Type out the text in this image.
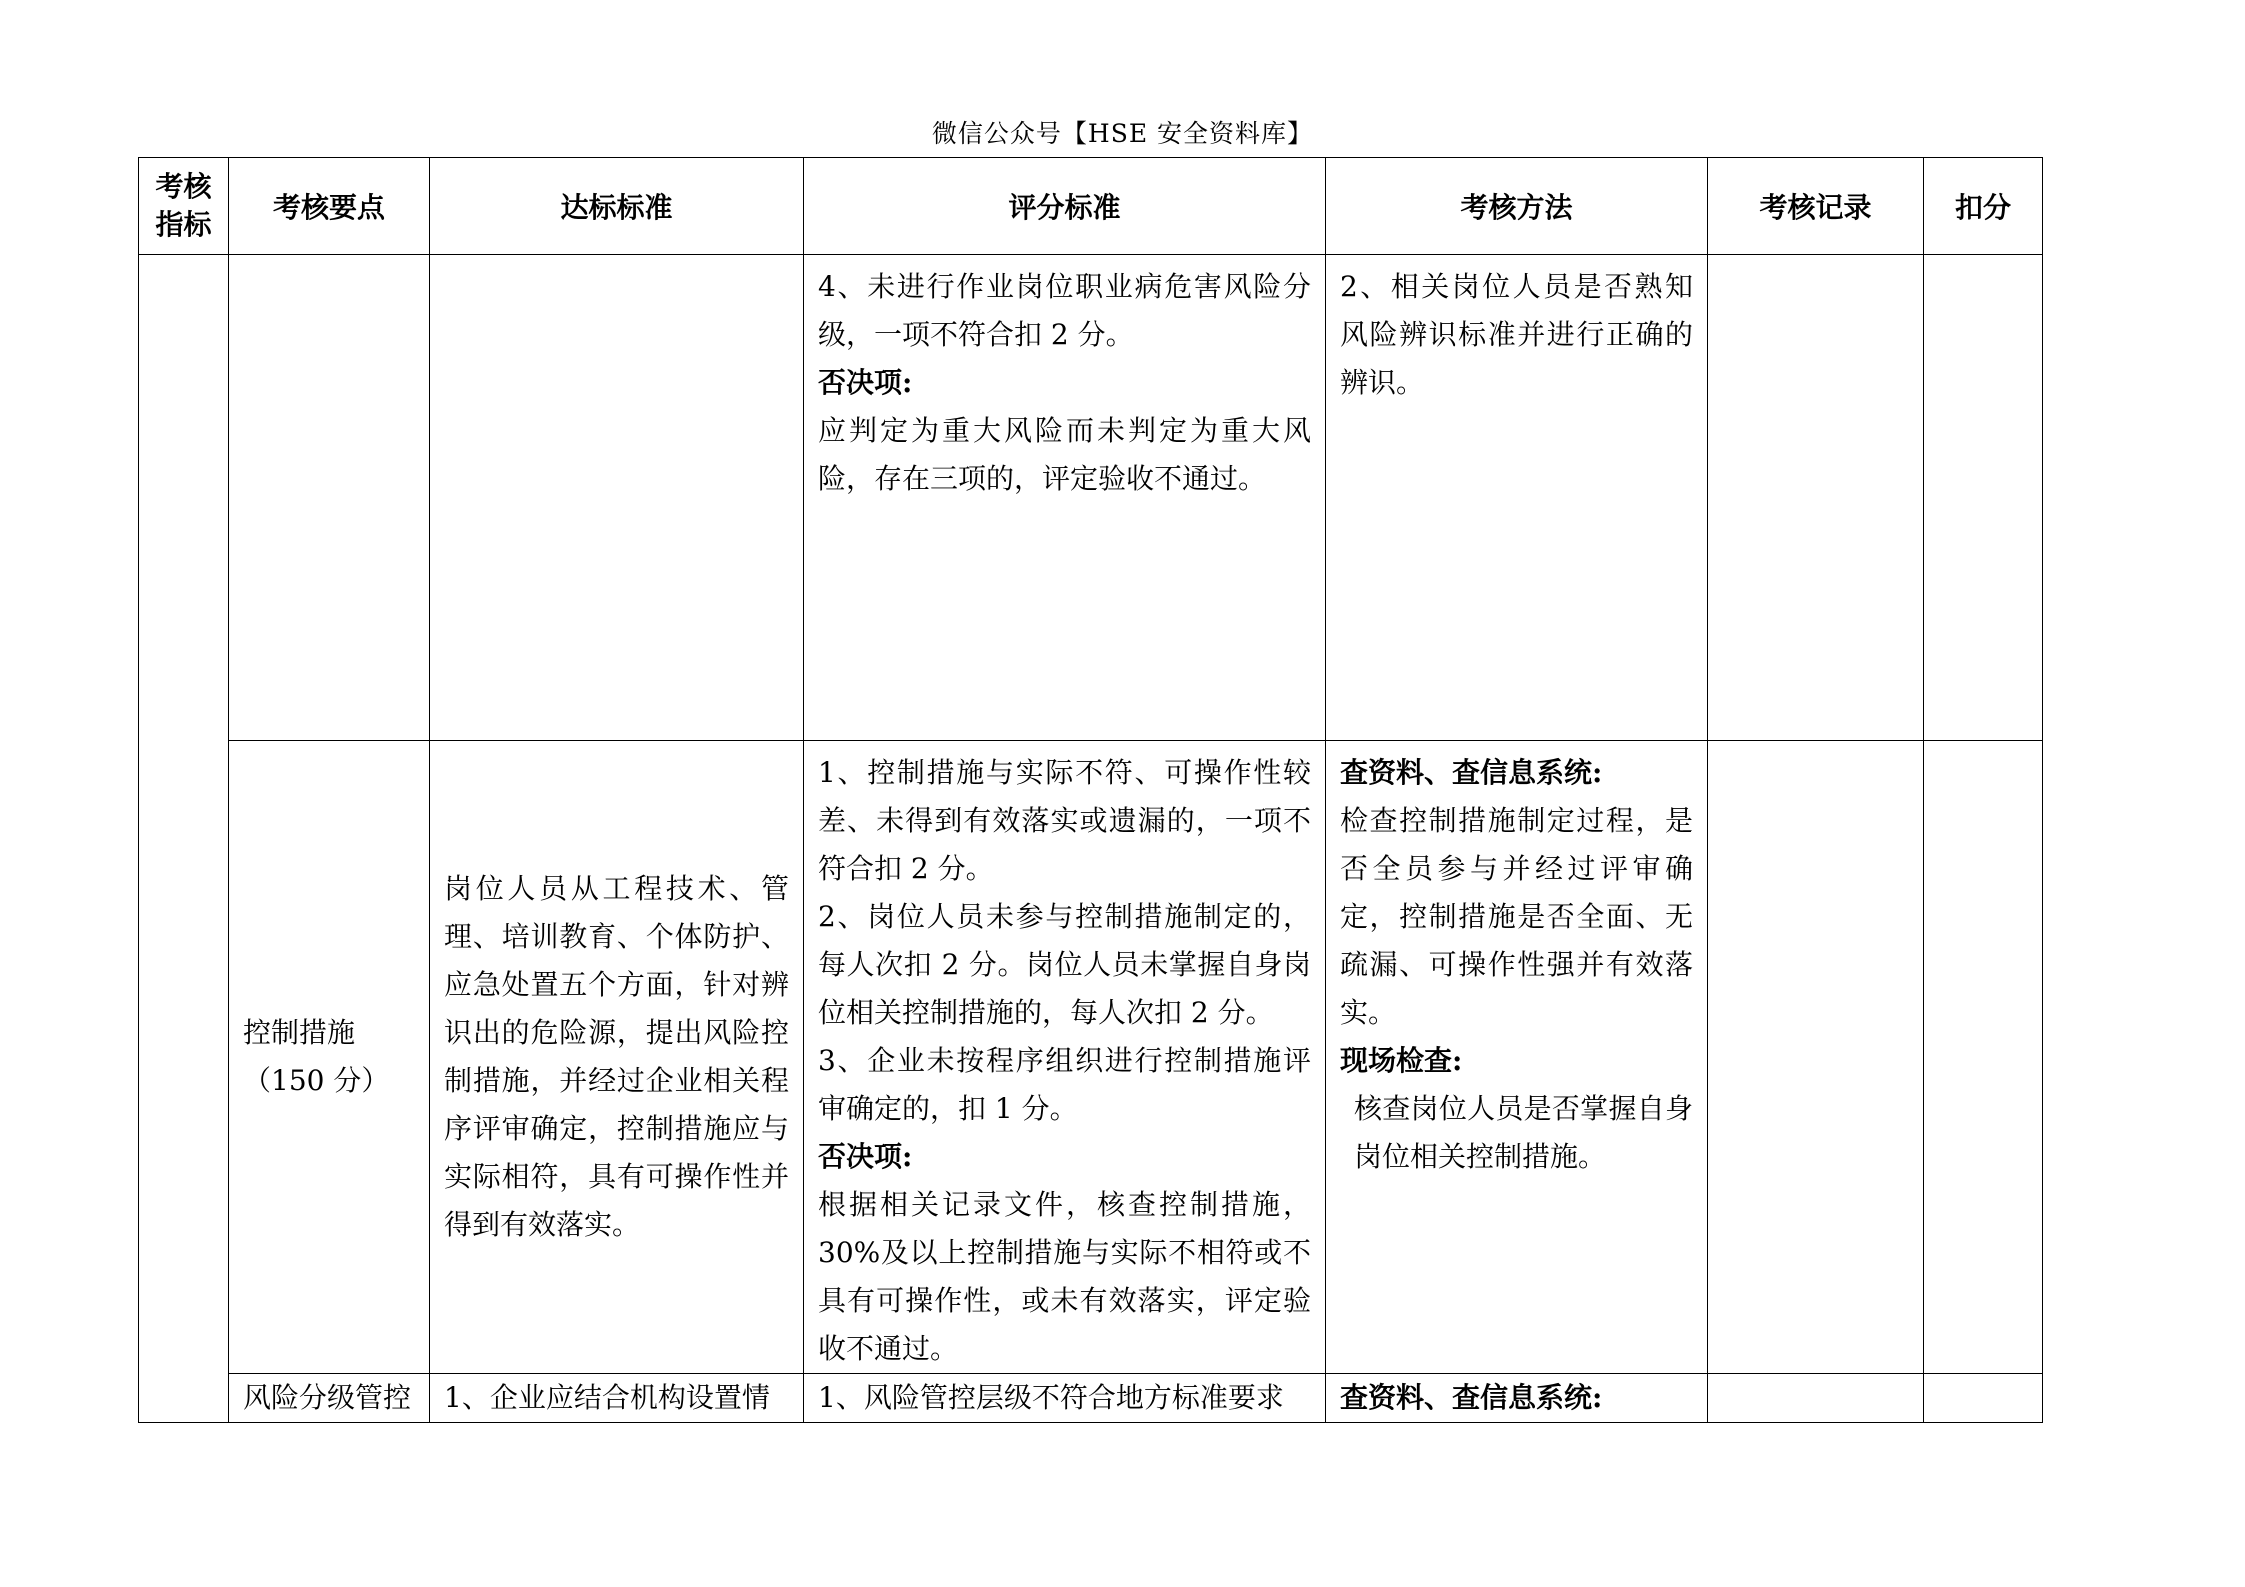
微信公众号【HSE 安全资料库】
考核
指标	考核要点	达标标准	评分标准	考核方法	考核记录	扣分

			4、未进行作业岗位职业病危害风险分级，一项不符合扣 2 分。
否决项:
应判定为重大风险而未判定为重大风险，存在三项的，评定验收不通过。	2、相关岗位人员是否熟知风险辨识标准并进行正确的辨识。		

	控制措施
（150 分）	岗位人员从工程技术、管理、培训教育、个体防护、应急处置五个方面，针对辨识出的危险源，提出风险控制措施，并经过企业相关程序评审确定，控制措施应与实际相符，具有可操作性并得到有效落实。	1、控制措施与实际不符、可操作性较差、未得到有效落实或遗漏的，一项不符合扣 2 分。
2、岗位人员未参与控制措施制定的，每人次扣 2 分。岗位人员未掌握自身岗位相关控制措施的，每人次扣 2 分。
3、企业未按程序组织进行控制措施评审确定的，扣 1 分。
否决项:
根据相关记录文件，核查控制措施，30%及以上控制措施与实际不相符或不具有可操作性，或未有效落实，评定验收不通过。	查资料、查信息系统:
检查控制措施制定过程，是否全员参与并经过评审确定，控制措施是否全面、无疏漏、可操作性强并有效落实。
现场检查:
核查岗位人员是否掌握自身岗位相关控制措施。		

	风险分级管控	1、企业应结合机构设置情	1、风险管控层级不符合地方标准要求	查资料、查信息系统:		
